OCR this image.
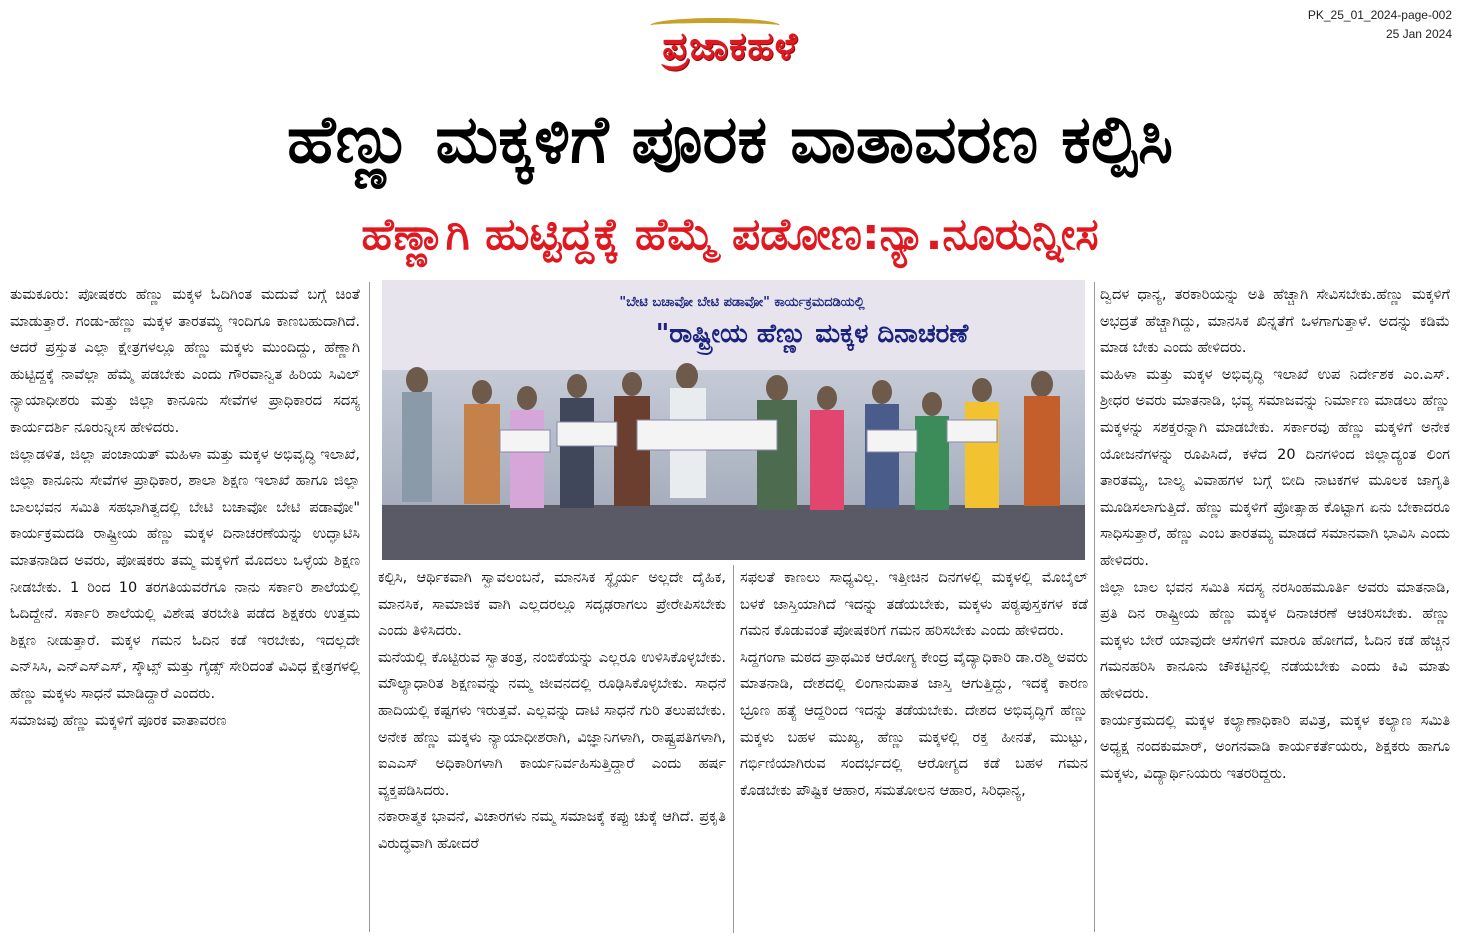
PK_25_01_2024-page-002
25 Jan 2024
ಪ್ರಜಾಕಹಳೆ
ಹೆಣ್ಣು ಮಕ್ಕಳಿಗೆ ಪೂರಕ ವಾತಾವರಣ ಕಲ್ಪಿಸಿ
ಹೆಣ್ಣಾಗಿ ಹುಟ್ಟಿದ್ದಕ್ಕೆ ಹೆಮ್ಮೆ ಪಡೋಣ:ನ್ಯಾ.ನೂರುನ್ನೀಸ

ತುಮಕೂರು: ಪೋಷಕರು ಹೆಣ್ಣು ಮಕ್ಕಳ ಓದಿಗಿಂತ ಮದುವೆ ಬಗ್ಗೆ ಚಿಂತೆ ಮಾಡುತ್ತಾರೆ. ಗಂಡು-ಹೆಣ್ಣು ಮಕ್ಕಳ ತಾರತಮ್ಯ ಇಂದಿಗೂ ಕಾಣಬಹುದಾಗಿದೆ. ಆದರೆ ಪ್ರಸ್ತುತ ಎಲ್ಲಾ ಕ್ಷೇತ್ರಗಳಲ್ಲೂ ಹೆಣ್ಣು ಮಕ್ಕಳು ಮುಂದಿದ್ದು, ಹೆಣ್ಣಾಗಿ ಹುಟ್ಟಿದ್ದಕ್ಕೆ ನಾವೆಲ್ಲಾ ಹೆಮ್ಮೆ ಪಡಬೇಕು ಎಂದು ಗೌರವಾನ್ವಿತ ಹಿರಿಯ ಸಿವಿಲ್ ನ್ಯಾಯಾಧೀಶರು ಮತ್ತು ಜಿಲ್ಲಾ ಕಾನೂನು ಸೇವೆಗಳ ಪ್ರಾಧಿಕಾರದ ಸದಸ್ಯ ಕಾರ್ಯದರ್ಶಿ ನೂರುನ್ನೀಸ ಹೇಳಿದರು.

ಜಿಲ್ಲಾಡಳಿತ, ಜಿಲ್ಲಾ ಪಂಚಾಯತ್ ಮಹಿಳಾ ಮತ್ತು ಮಕ್ಕಳ ಅಭಿವೃದ್ಧಿ ಇಲಾಖೆ, ಜಿಲ್ಲಾ ಕಾನೂನು ಸೇವೆಗಳ ಪ್ರಾಧಿಕಾರ, ಶಾಲಾ ಶಿಕ್ಷಣ ಇಲಾಖೆ ಹಾಗೂ ಜಿಲ್ಲಾ ಬಾಲಭವನ ಸಮಿತಿ ಸಹಭಾಗಿತ್ವದಲ್ಲಿ ಬೇಟಿ ಬಚಾವೋ ಬೇಟಿ ಪಡಾವೋ" ಕಾರ್ಯಕ್ರಮದಡಿ ರಾಷ್ಟ್ರೀಯ ಹೆಣ್ಣು ಮಕ್ಕಳ ದಿನಾಚರಣೆಯನ್ನು ಉದ್ಘಾಟಿಸಿ ಮಾತನಾಡಿದ ಅವರು, ಪೋಷಕರು ತಮ್ಮ ಮಕ್ಕಳಿಗೆ ಮೊದಲು ಒಳ್ಳೆಯ ಶಿಕ್ಷಣ ನೀಡಬೇಕು. 1 ರಿಂದ 10 ತರಗತಿಯವರೆಗೂ ನಾನು ಸರ್ಕಾರಿ ಶಾಲೆಯಲ್ಲಿ ಓದಿದ್ದೇನೆ. ಸರ್ಕಾರಿ ಶಾಲೆಯಲ್ಲಿ ವಿಶೇಷ ತರಬೇತಿ ಪಡೆದ ಶಿಕ್ಷಕರು ಉತ್ತಮ ಶಿಕ್ಷಣ ನೀಡುತ್ತಾರೆ. ಮಕ್ಕಳ ಗಮನ ಓದಿನ ಕಡೆ ಇರಬೇಕು, ಇದಲ್ಲದೇ ಎನ್‌ಸಿಸಿ, ಎನ್‌ಎಸ್‌ಎಸ್, ಸ್ಕೌಟ್ಸ್ ಮತ್ತು ಗೈಡ್ಸ್ ಸೇರಿದಂತೆ ವಿವಿಧ ಕ್ಷೇತ್ರಗಳಲ್ಲಿ ಹೆಣ್ಣು ಮಕ್ಕಳು ಸಾಧನೆ ಮಾಡಿದ್ದಾರೆ ಎಂದರು.

ಸಮಾಜವು ಹೆಣ್ಣು ಮಕ್ಕಳಿಗೆ ಪೂರಕ ವಾತಾವರಣ

"ಬೇಟಿ ಬಚಾವೋ ಬೇಟಿ ಪಡಾವೋ" ಕಾರ್ಯಕ್ರಮದಡಿಯಲ್ಲಿ
"ರಾಷ್ಟ್ರೀಯ ಹೆಣ್ಣು ಮಕ್ಕಳ ದಿನಾಚರಣೆ

ಕಲ್ಪಿಸಿ, ಆರ್ಥಿಕವಾಗಿ ಸ್ವಾವಲಂಬನೆ, ಮಾನಸಿಕ ಸ್ಥೈರ್ಯ ಅಲ್ಲದೇ ದೈಹಿಕ, ಮಾನಸಿಕ, ಸಾಮಾಜಿಕ ವಾಗಿ ಎಲ್ಲದರಲ್ಲೂ ಸದೃಢರಾಗಲು ಪ್ರೇರೇಪಿಸಬೇಕು ಎಂದು ತಿಳಿಸಿದರು.

ಮನೆಯಲ್ಲಿ ಕೊಟ್ಟಿರುವ ಸ್ವಾತಂತ್ರ, ನಂಬಿಕೆಯನ್ನು ಎಲ್ಲರೂ ಉಳಿಸಿಕೊಳ್ಳಬೇಕು. ಮೌಲ್ಯಾಧಾರಿತ ಶಿಕ್ಷಣವನ್ನು ನಮ್ಮ ಜೀವನದಲ್ಲಿ ರೂಢಿಸಿಕೊಳ್ಳಬೇಕು. ಸಾಧನೆ ಹಾದಿಯಲ್ಲಿ ಕಷ್ಟಗಳು ಇರುತ್ತವೆ. ಎಲ್ಲವನ್ನು ದಾಟಿ ಸಾಧನೆ ಗುರಿ ತಲುಪಬೇಕು. ಅನೇಕ ಹೆಣ್ಣು ಮಕ್ಕಳು ನ್ಯಾಯಾಧೀಶರಾಗಿ, ವಿಜ್ಞಾನಿಗಳಾಗಿ, ರಾಷ್ಟ್ರಪತಿಗಳಾಗಿ, ಐಎಎಸ್ ಅಧಿಕಾರಿಗಳಾಗಿ ಕಾರ್ಯನಿರ್ವಹಿಸುತ್ತಿದ್ದಾರೆ ಎಂದು ಹರ್ಷ ವ್ಯಕ್ತಪಡಿಸಿದರು.

ನಕಾರಾತ್ಮಕ ಭಾವನೆ, ವಿಚಾರಗಳು ನಮ್ಮ ಸಮಾಜಕ್ಕೆ ಕಪ್ಪು ಚುಕ್ಕೆ ಆಗಿದೆ. ಪ್ರಕೃತಿ ವಿರುದ್ಧವಾಗಿ ಹೋದರೆ

ಸಫಲತೆ ಕಾಣಲು ಸಾಧ್ಯವಿಲ್ಲ. ಇತ್ತೀಚಿನ ದಿನಗಳಲ್ಲಿ ಮಕ್ಕಳಲ್ಲಿ ಮೊಬೈಲ್ ಬಳಕೆ ಜಾಸ್ತಿಯಾಗಿದೆ ಇದನ್ನು ತಡೆಯಬೇಕು, ಮಕ್ಕಳು ಪಠ್ಯಪುಸ್ತಕಗಳ ಕಡೆ ಗಮನ ಕೊಡುವಂತೆ ಪೋಷಕರಿಗೆ ಗಮನ ಹರಿಸಬೇಕು ಎಂದು ಹೇಳಿದರು.

ಸಿದ್ದಗಂಗಾ ಮಠದ ಪ್ರಾಥಮಿಕ ಆರೋಗ್ಯ ಕೇಂದ್ರ ವೈದ್ಯಾಧಿಕಾರಿ ಡಾ.ರಶ್ಮಿ ಅವರು ಮಾತನಾಡಿ, ದೇಶದಲ್ಲಿ ಲಿಂಗಾನುಪಾತ ಜಾಸ್ತಿ ಆಗುತ್ತಿದ್ದು, ಇದಕ್ಕೆ ಕಾರಣ ಭ್ರೂಣ ಹತ್ಯೆ ಆದ್ದರಿಂದ ಇದನ್ನು ತಡೆಯಬೇಕು. ದೇಶದ ಅಭಿವೃದ್ಧಿಗೆ ಹೆಣ್ಣು ಮಕ್ಕಳು ಬಹಳ ಮುಖ್ಯ, ಹೆಣ್ಣು ಮಕ್ಕಳಲ್ಲಿ ರಕ್ತ ಹೀನತೆ, ಮುಟ್ಟು, ಗರ್ಭಿಣಿಯಾಗಿರುವ ಸಂದರ್ಭದಲ್ಲಿ ಆರೋಗ್ಯದ ಕಡೆ ಬಹಳ ಗಮನ ಕೊಡಬೇಕು ಪೌಷ್ಟಿಕ ಆಹಾರ, ಸಮತೋಲನ ಆಹಾರ, ಸಿರಿಧಾನ್ಯ,

ದ್ವಿದಳ ಧಾನ್ಯ, ತರಕಾರಿಯನ್ನು ಅತಿ ಹೆಚ್ಚಾಗಿ ಸೇವಿಸಬೇಕು.ಹೆಣ್ಣು ಮಕ್ಕಳಿಗೆ ಅಭದ್ರತೆ ಹೆಚ್ಚಾಗಿದ್ದು, ಮಾನಸಿಕ ಖಿನ್ನತೆಗೆ ಒಳಗಾಗುತ್ತಾಳೆ. ಅದನ್ನು ಕಡಿಮೆ ಮಾಡ ಬೇಕು ಎಂದು ಹೇಳಿದರು.

ಮಹಿಳಾ ಮತ್ತು ಮಕ್ಕಳ ಅಭಿವೃದ್ಧಿ ಇಲಾಖೆ ಉಪ ನಿರ್ದೇಶಕ ಎಂ.ಎಸ್. ಶ್ರೀಧರ ಅವರು ಮಾತನಾಡಿ, ಭವ್ಯ ಸಮಾಜವನ್ನು ನಿರ್ಮಾಣ ಮಾಡಲು ಹೆಣ್ಣು ಮಕ್ಕಳನ್ನು ಸಶಕ್ತರನ್ನಾಗಿ ಮಾಡಬೇಕು. ಸರ್ಕಾರವು ಹೆಣ್ಣು ಮಕ್ಕಳಿಗೆ ಅನೇಕ ಯೋಜನೆಗಳನ್ನು ರೂಪಿಸಿದೆ, ಕಳೆದ 20 ದಿನಗಳಿಂದ ಜಿಲ್ಲಾದ್ಯಂತ ಲಿಂಗ ತಾರತಮ್ಯ, ಬಾಲ್ಯ ವಿವಾಹಗಳ ಬಗ್ಗೆ ಬೀದಿ ನಾಟಕಗಳ ಮೂಲಕ ಜಾಗೃತಿ ಮೂಡಿಸಲಾಗುತ್ತಿದೆ. ಹೆಣ್ಣು ಮಕ್ಕಳಿಗೆ ಪ್ರೋತ್ಸಾಹ ಕೊಟ್ಟಾಗ ಏನು ಬೇಕಾದರೂ ಸಾಧಿಸುತ್ತಾರೆ, ಹೆಣ್ಣು ಎಂಬ ತಾರತಮ್ಯ ಮಾಡದೆ ಸಮಾನವಾಗಿ ಭಾವಿಸಿ ಎಂದು ಹೇಳಿದರು.

ಜಿಲ್ಲಾ ಬಾಲ ಭವನ ಸಮಿತಿ ಸದಸ್ಯ ನರಸಿಂಹಮೂರ್ತಿ ಅವರು ಮಾತನಾಡಿ, ಪ್ರತಿ ದಿನ ರಾಷ್ಟ್ರೀಯ ಹೆಣ್ಣು ಮಕ್ಕಳ ದಿನಾಚರಣೆ ಆಚರಿಸಬೇಕು. ಹೆಣ್ಣು ಮಕ್ಕಳು ಬೇರೆ ಯಾವುದೇ ಆಸೆಗಳಿಗೆ ಮಾರೂ ಹೋಗದೆ, ಓದಿನ ಕಡೆ ಹೆಚ್ಚಿನ ಗಮನಹರಿಸಿ ಕಾನೂನು ಚೌಕಟ್ಟಿನಲ್ಲಿ ನಡೆಯಬೇಕು ಎಂದು ಕಿವಿ ಮಾತು ಹೇಳಿದರು.

ಕಾರ್ಯಕ್ರಮದಲ್ಲಿ ಮಕ್ಕಳ ಕಲ್ಯಾಣಾಧಿಕಾರಿ ಪವಿತ್ರ, ಮಕ್ಕಳ ಕಲ್ಯಾಣ ಸಮಿತಿ ಅಧ್ಯಕ್ಷ ನಂದಕುಮಾರ್, ಅಂಗನವಾಡಿ ಕಾರ್ಯಕರ್ತೆಯರು, ಶಿಕ್ಷಕರು ಹಾಗೂ ಮಕ್ಕಳು, ವಿದ್ಯಾರ್ಥಿನಿಯರು ಇತರರಿದ್ದರು.
